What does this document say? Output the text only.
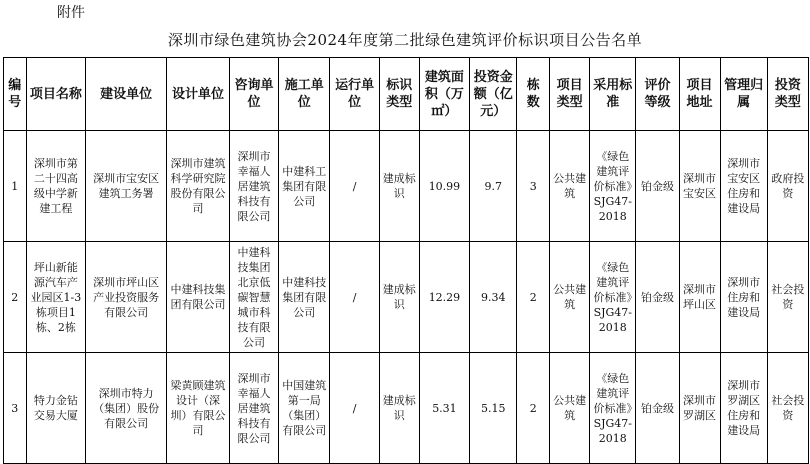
附件
深圳市绿色建筑协会2024年度第二批绿色建筑评价标识项目公告名单
编号	项目名称	建设单位	设计单位	咨询单位	施工单位	运行单位	标识类型	建筑面积（万㎡）	投资金额（亿元）	栋数	项目类型	采用标准	评价等级	项目地址	管理归属	投资类型
1	深圳市第二十四高级中学新建工程	深圳市宝安区建筑工务署	深圳市建筑科学研究院股份有限公司	深圳市幸福人居建筑科技有限公司	中建科工集团有限公司	/	建成标识	10.99	9.7	3	公共建筑	《绿色建筑评价标准》SJG47-2018	铂金级	深圳市宝安区	深圳市宝安区住房和建设局	政府投资
2	坪山新能源汽车产业园区1-3栋项目1栋、2栋	深圳市坪山区产业投资服务有限公司	中建科技集团有限公司	中建科技集团北京低碳智慧城市科技有限公司	中建科技集团有限公司	/	建成标识	12.29	9.34	2	公共建筑	《绿色建筑评价标准》SJG47-2018	铂金级	深圳市坪山区	深圳市住房和建设局	社会投资
3	特力金钻交易大厦	深圳市特力（集团）股份有限公司	梁黄顾建筑设计（深圳）有限公司	深圳市幸福人居建筑科技有限公司	中国建筑第一局（集团）有限公司	/	建成标识	5.31	5.15	2	公共建筑	《绿色建筑评价标准》SJG47-2018	铂金级	深圳市罗湖区	深圳市罗湖区住房和建设局	社会投资
